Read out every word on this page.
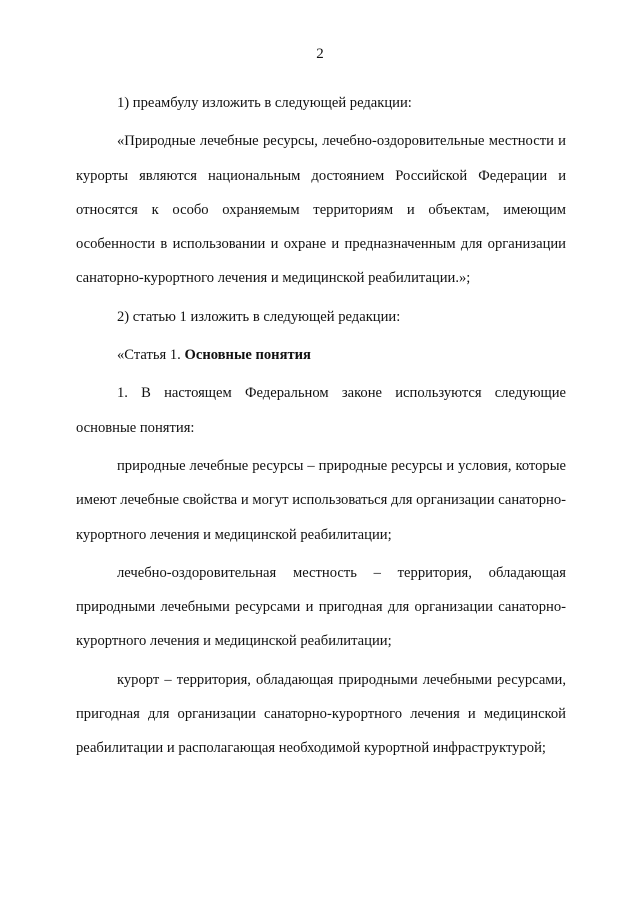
2

1) преамбулу изложить в следующей редакции:

«Природные лечебные ресурсы, лечебно-оздоровительные местности и курорты являются национальным достоянием Российской Федерации и относятся к особо охраняемым территориям и объектам, имеющим особенности в использовании и охране и предназначенным для организации санаторно-курортного лечения и медицинской реабилитации.»;

2) статью 1 изложить в следующей редакции:

«Статья 1. Основные понятия

1. В настоящем Федеральном законе используются следующие основные понятия:

природные лечебные ресурсы – природные ресурсы и условия, которые имеют лечебные свойства и могут использоваться для организации санаторно-курортного лечения и медицинской реабилитации;

лечебно-оздоровительная местность – территория, обладающая природными лечебными ресурсами и пригодная для организации санаторно-курортного лечения и медицинской реабилитации;

курорт – территория, обладающая природными лечебными ресурсами, пригодная для организации санаторно-курортного лечения и медицинской реабилитации и располагающая необходимой курортной инфраструктурой;
